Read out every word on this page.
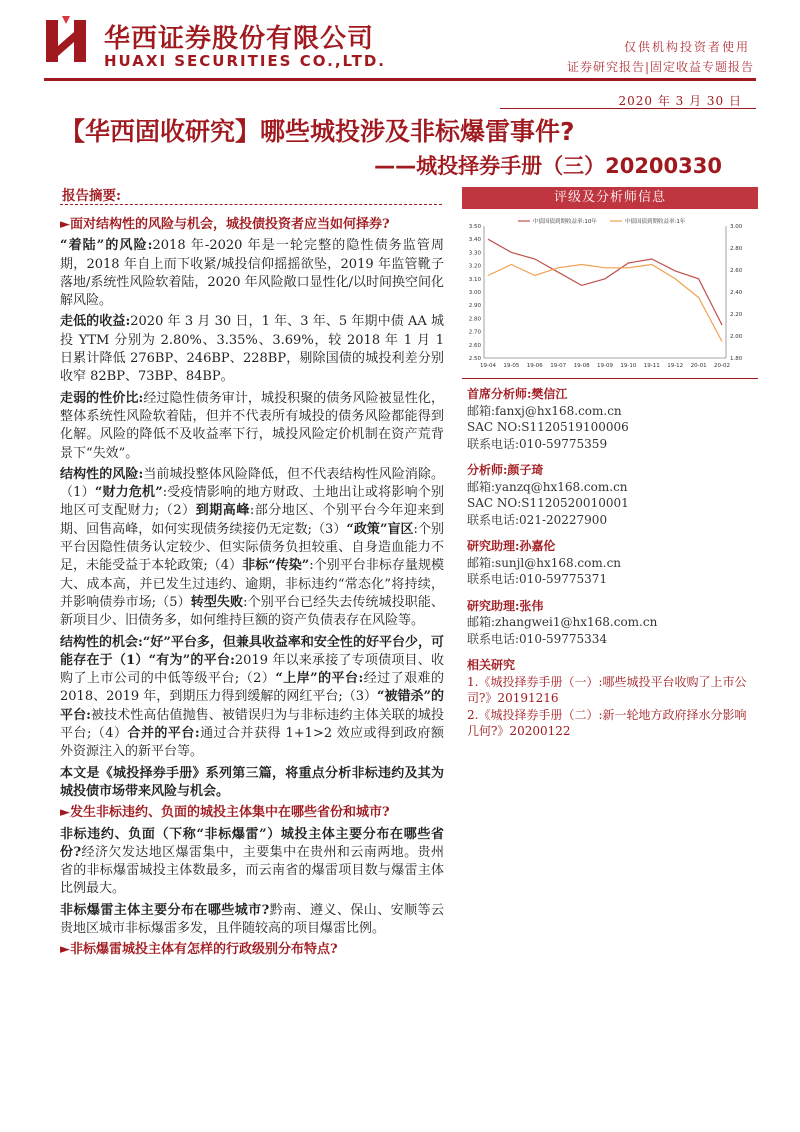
华西证券股份有限公司
HUAXI SECURITIES CO.,LTD.
仅供机构投资者使用
证券研究报告|固定收益专题报告
2020 年 3 月 30 日
【华西固收研究】哪些城投涉及非标爆雷事件?
——城投择券手册（三）20200330
报告摘要:

►面对结构性的风险与机会，城投债投资者应当如何择券?

“着陆”的风险:2018 年-2020 年是一轮完整的隐性债务监管周期，2018 年自上而下收紧/城投信仰摇摇欲坠，2019 年监管靴子落地/系统性风险软着陆，2020 年风险敞口显性化/以时间换空间化解风险。

走低的收益:2020 年 3 月 30 日，1 年、3 年、5 年期中债 AA 城投 YTM 分别为 2.80%、3.35%、3.69%，较 2018 年 1 月 1 日累计降低 276BP、246BP、228BP，剔除国债的城投利差分别收窄 82BP、73BP、84BP。

走弱的性价比:经过隐性债务审计，城投积聚的债务风险被显性化，整体系统性风险软着陆，但并不代表所有城投的债务风险都能得到化解。风险的降低不及收益率下行，城投风险定价机制在资产荒背景下“失效”。

结构性的风险:当前城投整体风险降低，但不代表结构性风险消除。（1）“财力危机”:受疫情影响的地方财政、土地出让或将影响个别地区可支配财力;（2）到期高峰:部分地区、个别平台今年迎来到期、回售高峰，如何实现债务续接仍无定数;（3）“政策”盲区:个别平台因隐性债务认定较少、但实际债务负担较重、自身造血能力不足，未能受益于本轮政策;（4）非标“传染”:个别平台非标存量规模大、成本高，并已发生过违约、逾期，非标违约“常态化”将持续，并影响债券市场;（5）转型失败:个别平台已经失去传统城投职能、新项目少、旧债务多，如何维持巨额的资产负债表存在风险等。

结构性的机会:“好”平台多，但兼具收益率和安全性的好平台少，可能存在于（1）“有为”的平台:2019 年以来承接了专项债项目、收购了上市公司的中低等级平台;（2）“上岸”的平台:经过了艰难的 2018、2019 年，到期压力得到缓解的网红平台;（3）“被错杀”的平台:被技术性高估值抛售、被错误归为与非标违约主体关联的城投平台;（4）合并的平台:通过合并获得 1+1>2 效应或得到政府额外资源注入的新平台等。

本文是《城投择券手册》系列第三篇，将重点分析非标违约及其为城投债市场带来风险与机会。

►发生非标违约、负面的城投主体集中在哪些省份和城市?

非标违约、负面（下称“非标爆雷”）城投主体主要分布在哪些省份?经济欠发达地区爆雷集中，主要集中在贵州和云南两地。贵州省的非标爆雷城投主体数最多，而云南省的爆雷项目数与爆雷主体比例最大。

非标爆雷主体主要分布在哪些城市?黔南、遵义、保山、安顺等云贵地区城市非标爆雷多发，且伴随较高的项目爆雷比例。

►非标爆雷城投主体有怎样的行政级别分布特点?

评级及分析师信息
3.50
3.40
3.30
3.20
3.10
3.00
2.90
2.80
2.70
2.60
2.50
3.00
2.80
2.60
2.40
2.20
2.00
1.80
19-04 19-05 19-06 19-07 19-08 19-09 19-10 19-11 19-12 20-01 20-02
中债国债到期收益率:10年	中债国债到期收益率:1年
首席分析师:樊信江
邮箱:fanxj@hx168.com.cn
SAC NO:S1120519100006
联系电话:010-59775359
分析师:颜子琦
邮箱:yanzq@hx168.com.cn
SAC NO:S1120520010001
联系电话:021-20227900
研究助理:孙嘉伦
邮箱:sunjl@hx168.com.cn
联系电话:010-59775371
研究助理:张伟
邮箱:zhangwei1@hx168.com.cn
联系电话:010-59775334
相关研究

1.《城投择券手册（一）:哪些城投平台收购了上市公司?》20191216

2.《城投择券手册（二）:新一轮地方政府择水分影响几何?》20200122
